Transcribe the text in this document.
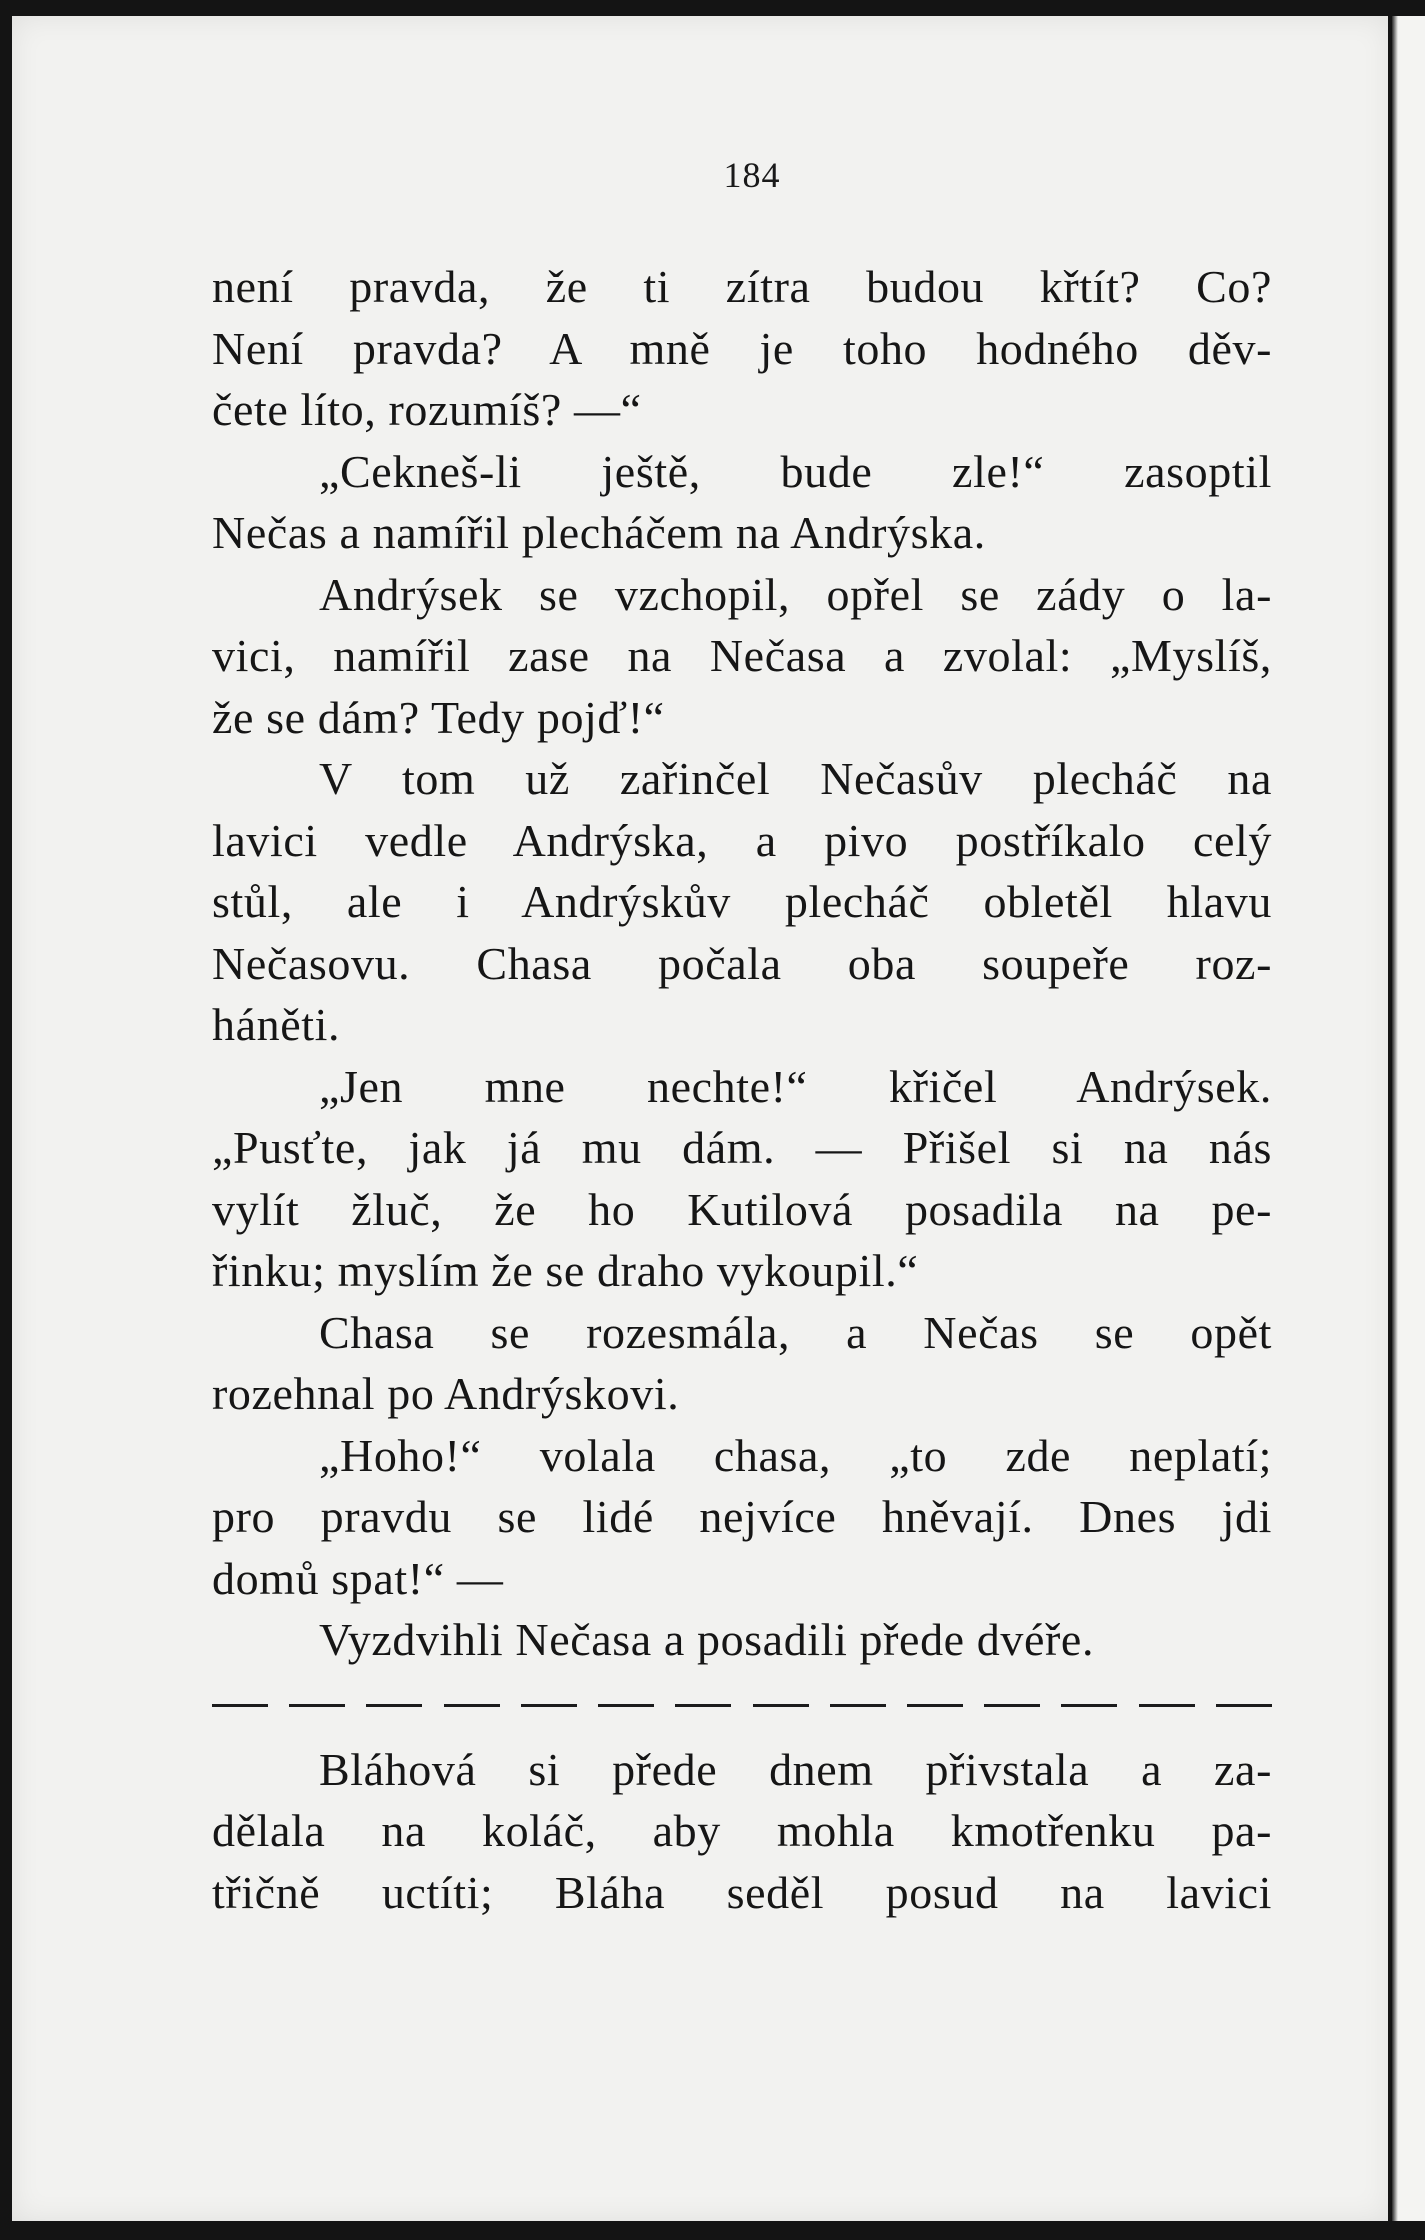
184
není pravda, že ti zítra budou křtít? Co?
Není pravda? A mně je toho hodného děv-
čete líto, rozumíš? —“
„Cekneš-li ještě, bude zle!“ zasoptil
Nečas a namířil plecháčem na Andrýska.
Andrýsek se vzchopil, opřel se zády o la-
vici, namířil zase na Nečasa a zvolal: „Myslíš,
že se dám? Tedy pojď!“
V tom už zařinčel Nečasův plecháč na
lavici vedle Andrýska, a pivo postříkalo celý
stůl, ale i Andrýskův plecháč obletěl hlavu
Nečasovu. Chasa počala oba soupeře roz-
háněti.
„Jen mne nechte!“ křičel Andrýsek.
„Pusťte, jak já mu dám. — Přišel si na nás
vylít žluč, že ho Kutilová posadila na pe-
řinku; myslím že se draho vykoupil.“
Chasa se rozesmála, a Nečas se opět
rozehnal po Andrýskovi.
„Hoho!“ volala chasa, „to zde neplatí;
pro pravdu se lidé nejvíce hněvají. Dnes jdi
domů spat!“ —
Vyzdvihli Nečasa a posadili přede dvéře.
Bláhová si přede dnem přivstala a za-
dělala na koláč, aby mohla kmotřenku pa-
třičně uctíti; Bláha seděl posud na lavici
